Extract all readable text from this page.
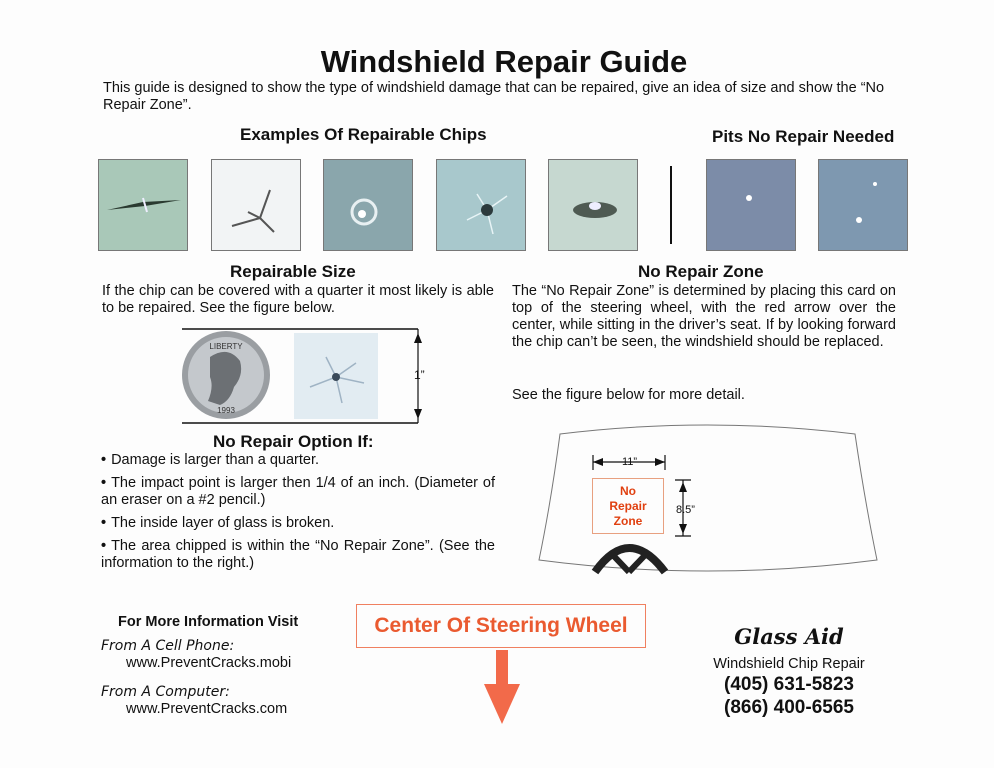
Windshield Repair Guide
This guide is designed to show the type of windshield damage that can be repaired, give an idea of size and show the “No Repair Zone”.
Examples Of Repairable Chips	Pits No Repair Needed
Repairable Size
If the chip can be covered with a quarter it most likely is able to be repaired. See the figure below.
LIBERTY
1993
1”
No Repair Option If:
• Damage is larger than a quarter.
• The impact point is larger then 1/4 of an inch. (Diameter of an eraser on a #2 pencil.)
• The inside layer of glass is broken.
• The area chipped is within the “No Repair Zone”. (See the information to the right.)
No Repair Zone
The “No Repair Zone” is determined by placing this card on top of the steering wheel, with the red arrow over the center, while sitting in the driver’s seat. If by looking forward the chip can’t be seen, the windshield should be replaced.
See the figure below for more detail.
11”
No
Repair
Zone
8.5”
For More Information Visit
From A Cell Phone:
www.PreventCracks.mobi
From A Computer:
www.PreventCracks.com
Center Of Steering Wheel	Glass Aid
Windshield Chip Repair
(405) 631-5823
(866) 400-6565
